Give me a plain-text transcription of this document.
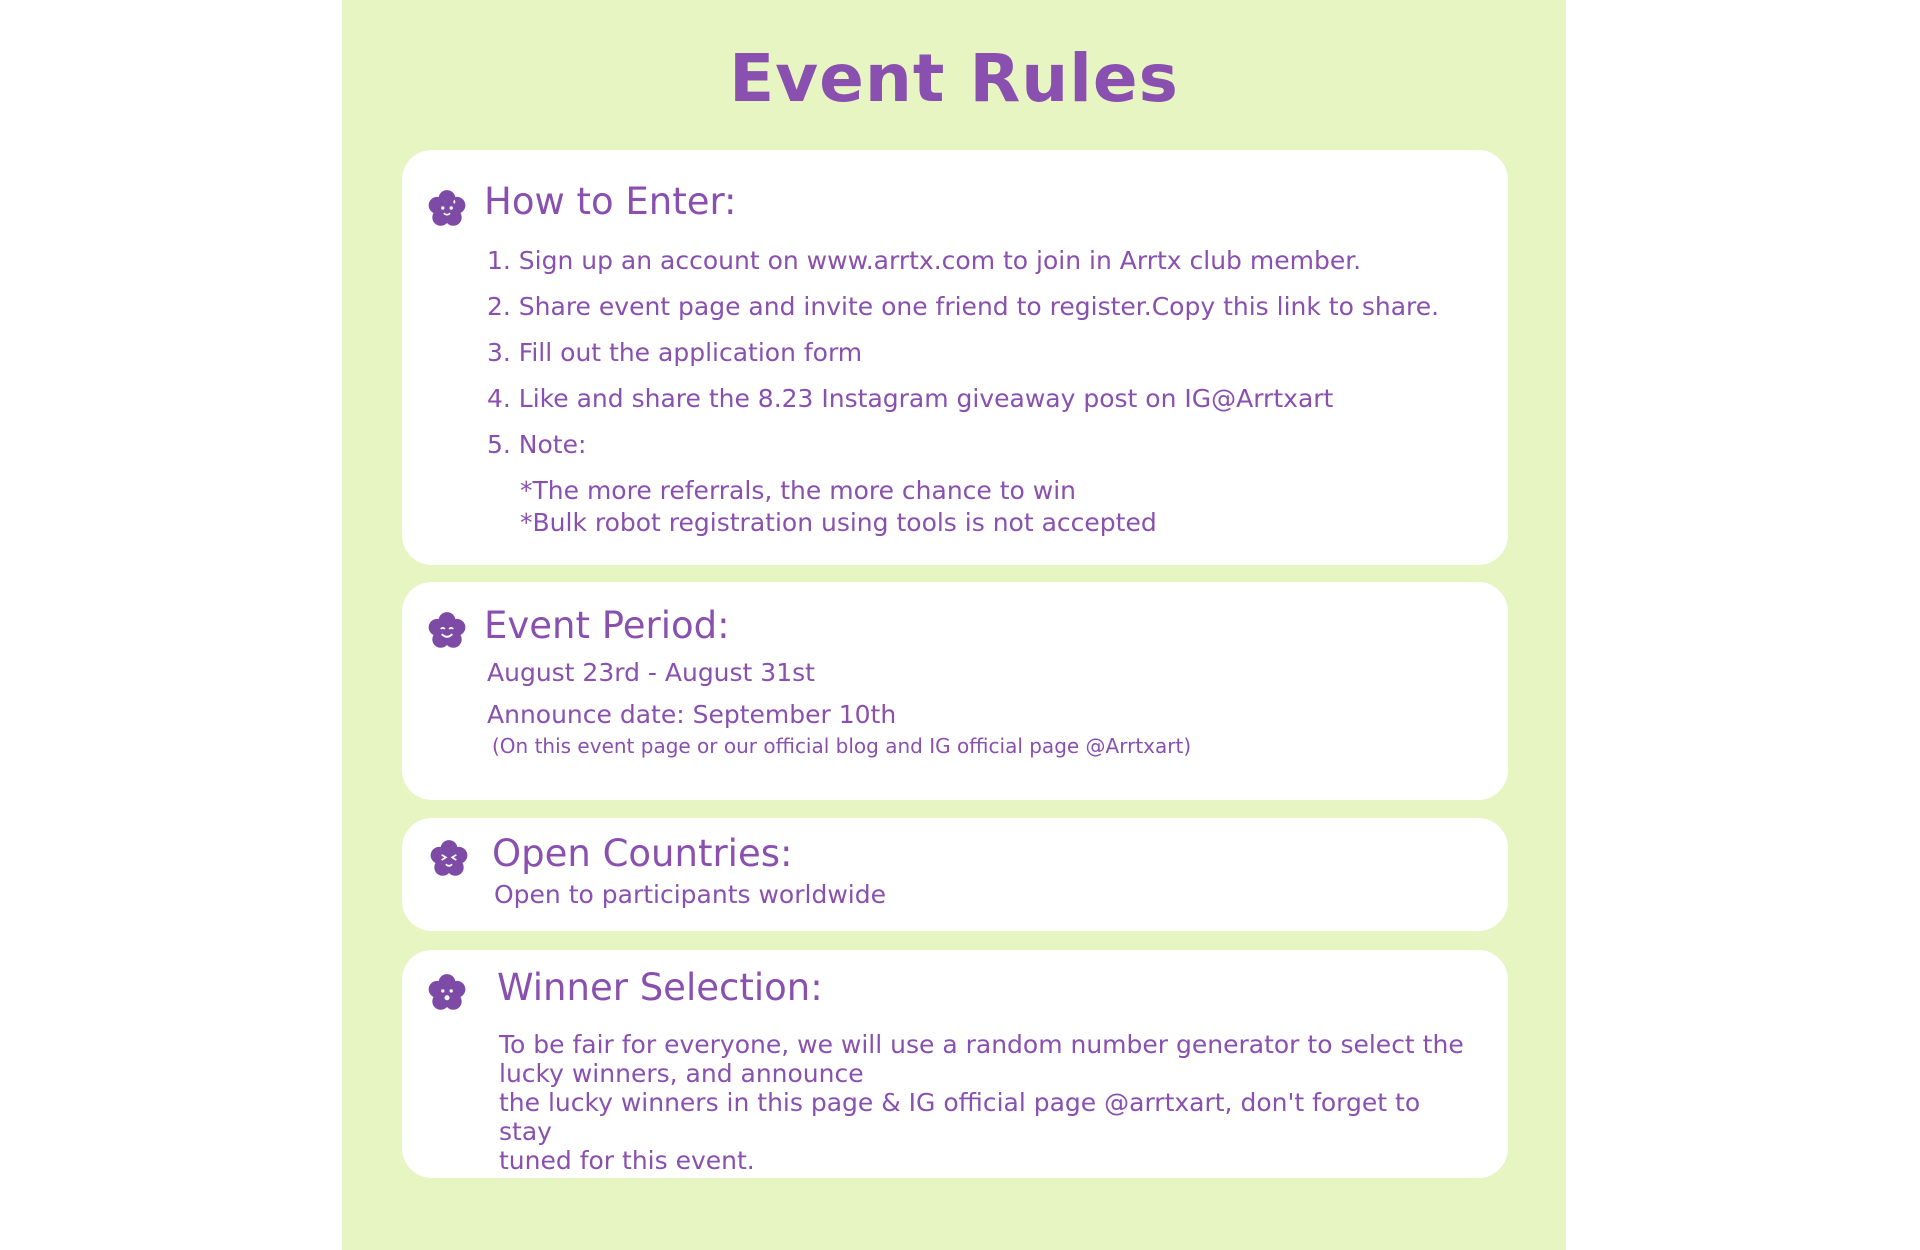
Event Rules
How to Enter:

1. Sign up an account on www.arrtx.com to join in Arrtx club member.

2. Share event page and invite one friend to register.Copy this link to share.

3. Fill out the application form

4. Like and share the 8.23 Instagram giveaway post on IG@Arrtxart

5. Note:

*The more referrals, the more chance to win

*Bulk robot registration using tools is not accepted

Event Period:

August 23rd - August 31st

Announce date: September 10th

(On this event page or our official blog and IG official page @Arrtxart)

Open Countries:

Open to participants worldwide

Winner Selection:

To be fair for everyone, we will use a random number generator to select the
lucky winners, and announce
the lucky winners in this page & IG official page @arrtxart, don't forget to stay
tuned for this event.
